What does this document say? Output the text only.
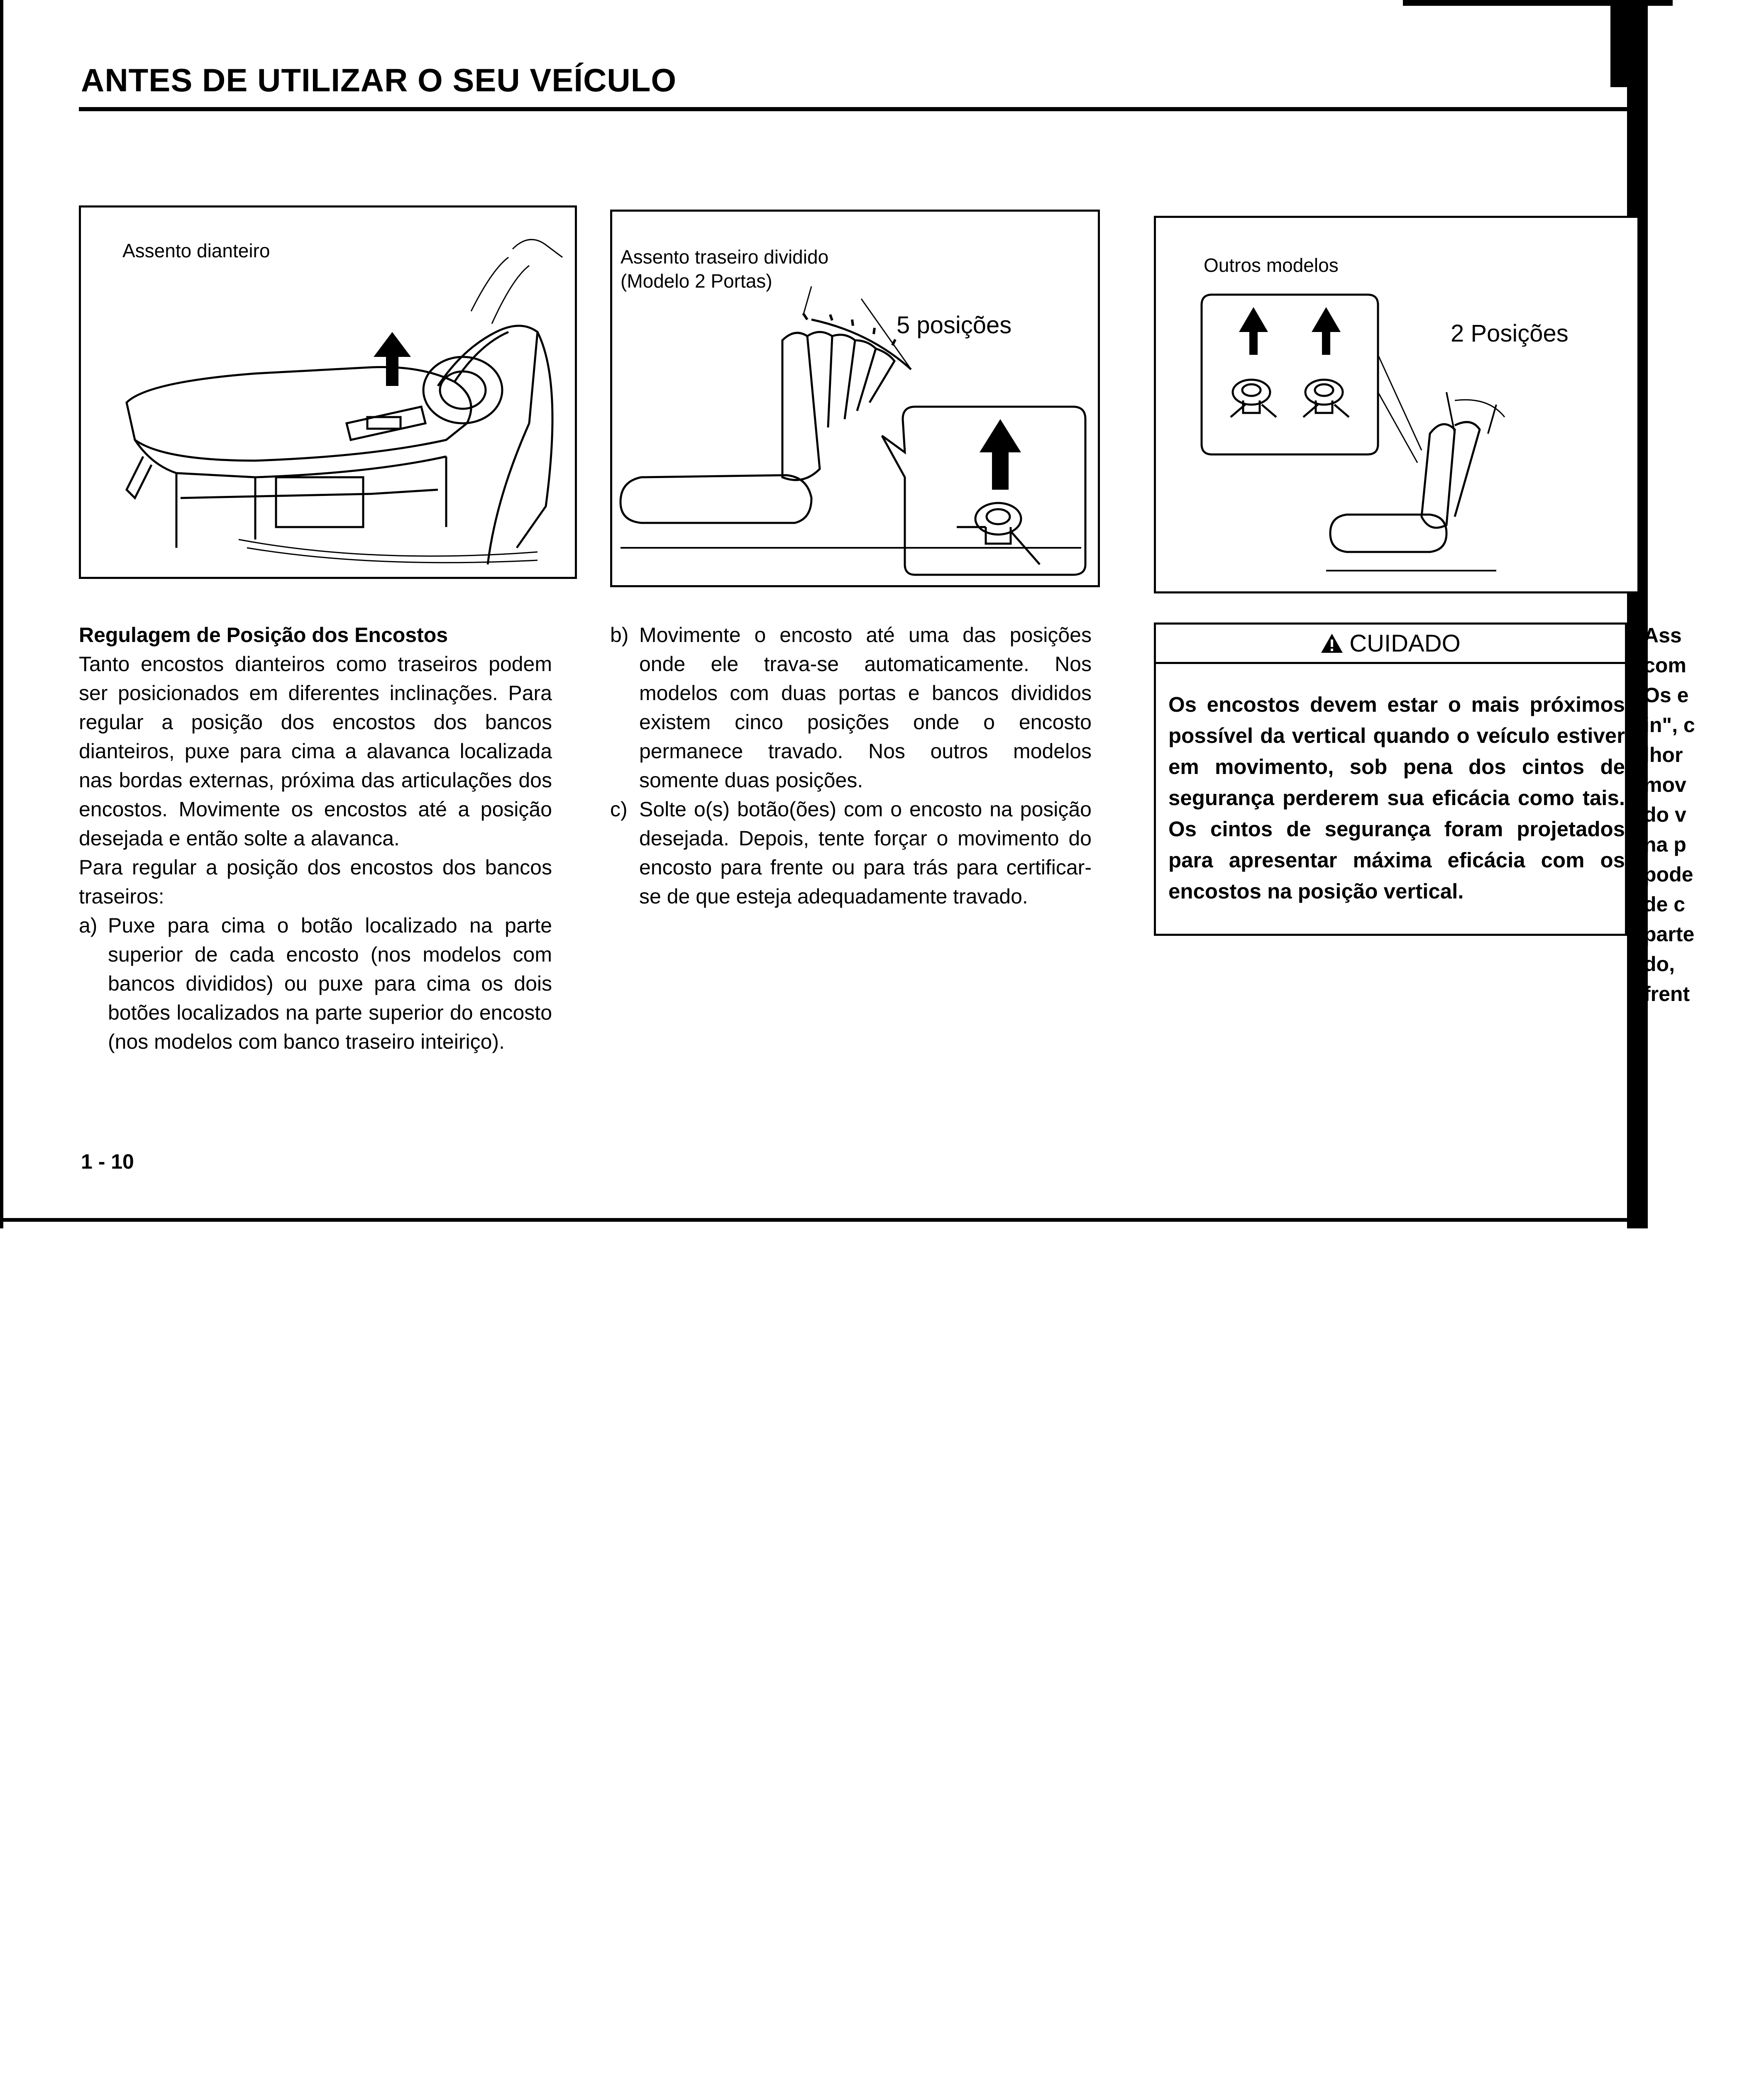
ANTES DE UTILIZAR O SEU VEÍCULO
Assento dianteiro	Assento traseiro dividido
(Modelo 2 Portas)
5 posições
Outros modelos
2 Posições

Regulagem de Posição dos Encostos
Tanto encostos dianteiros como traseiros podem ser posicionados em diferentes inclinações. Para regular a posição dos encostos dos bancos dianteiros, puxe para cima a alavanca localizada nas bordas externas, próxima das articulações dos encostos. Movimente os encostos até a posição desejada e então solte a alavanca.

Para regular a posição dos encostos dos bancos traseiros:

a) Puxe para cima o botão localizado na parte superior de cada encosto (nos modelos com bancos divididos) ou puxe para cima os dois botões localizados na parte superior do encosto (nos modelos com banco traseiro inteiriço).
b) Movimente o encosto até uma das posições onde ele trava-se automaticamente. Nos modelos com duas portas e bancos divididos existem cinco posições onde o encosto permanece travado. Nos outros modelos somente duas posições.
c) Solte o(s) botão(ões) com o encosto na posição desejada. Depois, tente forçar o movimento do encosto para frente ou para trás para certificar-se de que esteja adequadamente travado.
CUIDADO
Os encostos devem estar o mais próximos possível da vertical quando o veículo estiver em movimento, sob pena dos cintos de segurança perderem sua eficácia como tais. Os cintos de segurança foram projetados para apresentar máxima eficácia com os encostos na posição vertical.
Ass
com
Os e
in", c
lhor
mov
do v
na p
pode
de c
parte
do,
frent
1 - 10
